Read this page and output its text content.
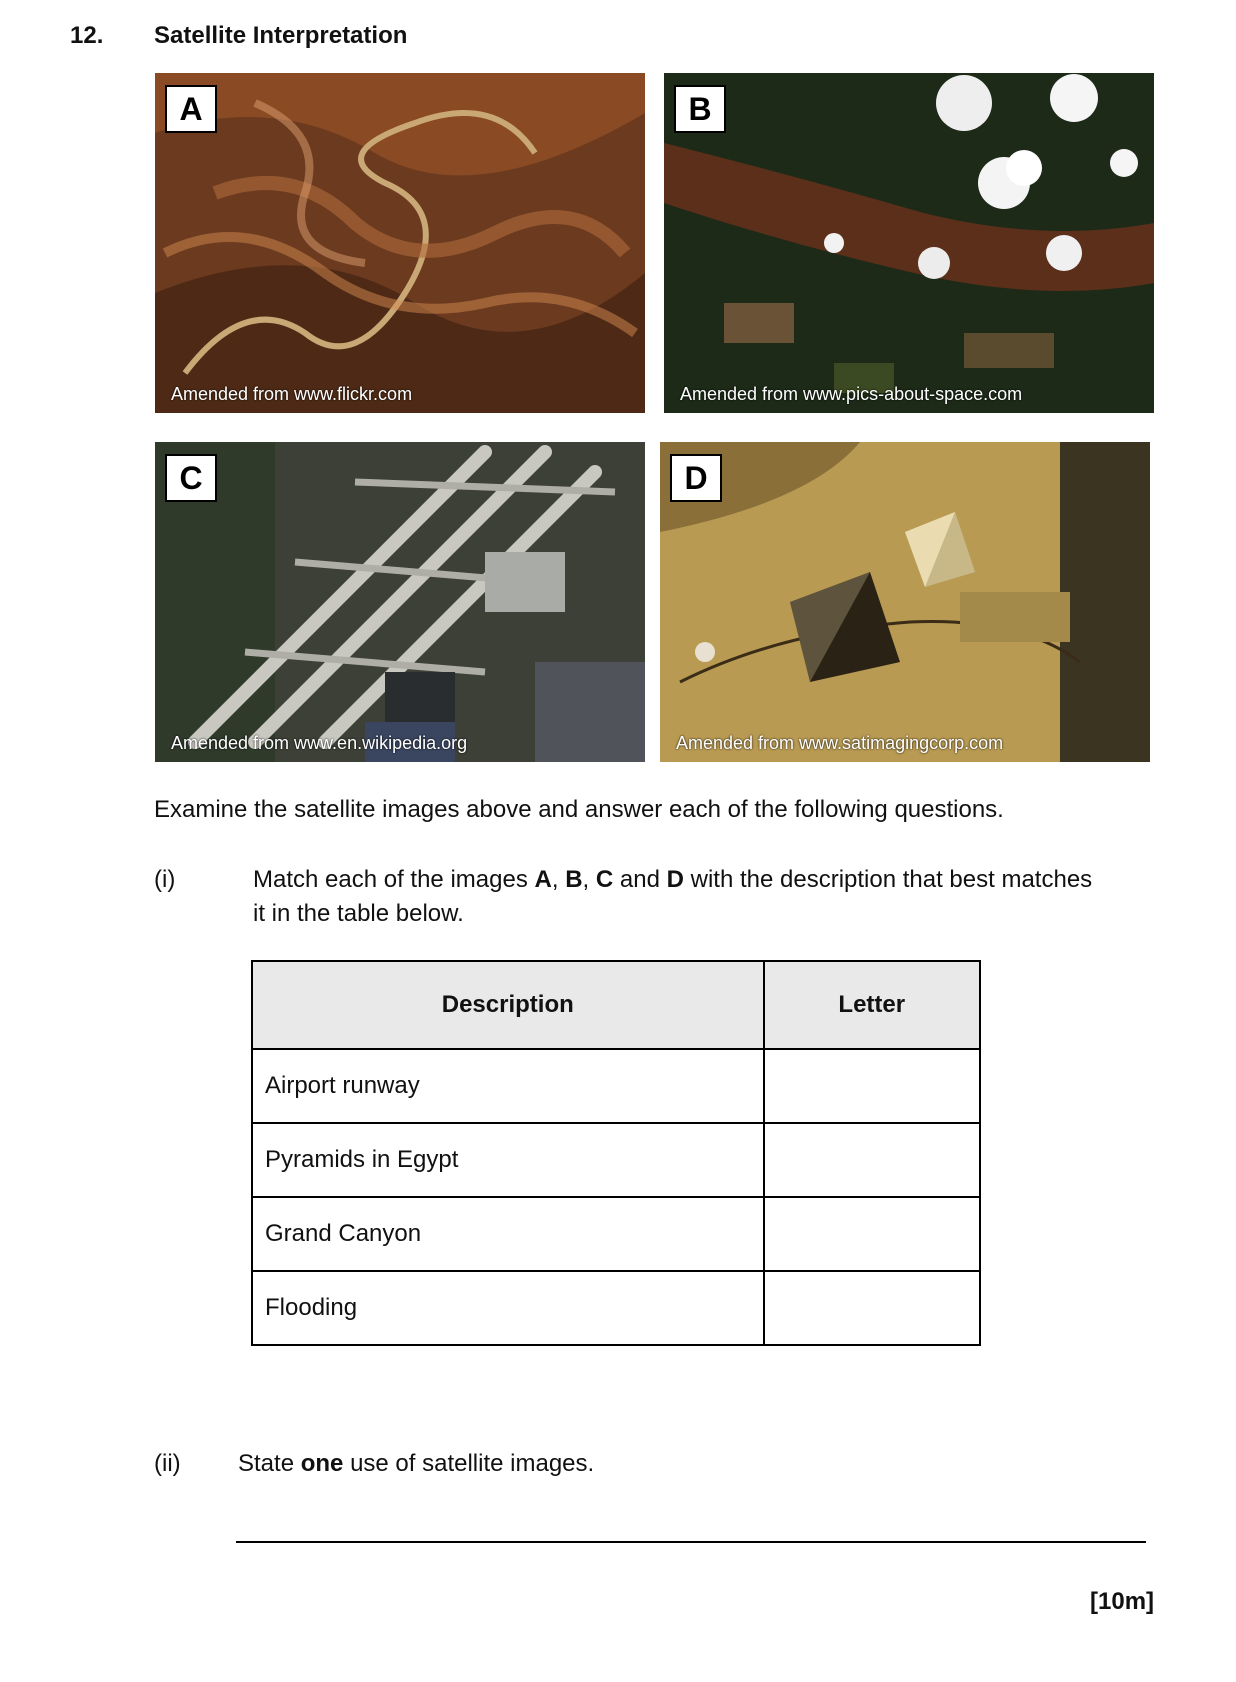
12. Satellite Interpretation
A
Amended from www.flickr.com
B
Amended from www.pics-about-space.com
C
Amended from www.en.wikipedia.org
D
Amended from www.satimagingcorp.com
Examine the satellite images above and answer each of the following questions.
(i)	Match each of the images A, B, C and D with the description that best matches
it in the table below.
Description	Letter
Airport runway	
Pyramids in Egypt	
Grand Canyon	
Flooding	
(ii) State one use of satellite images.
[10m]
